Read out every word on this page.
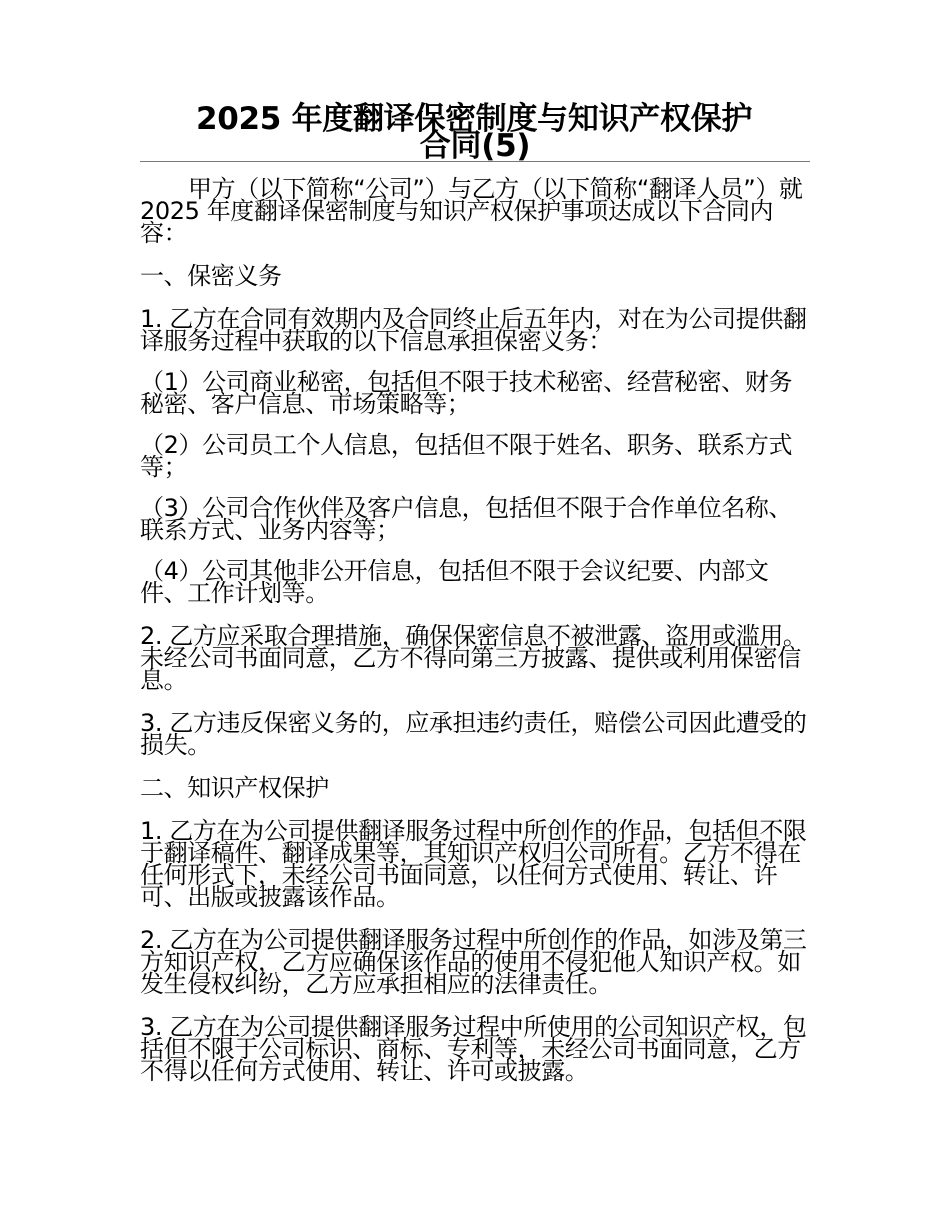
2025 年度翻译保密制度与知识产权保护
合同(5)

甲方（以下简称“公司”）与乙方（以下简称“翻译人员”）就 2025 年度翻译保密制度与知识产权保护事项达成以下合同内容：

一、保密义务

1. 乙方在合同有效期内及合同终止后五年内，对在为公司提供翻译服务过程中获取的以下信息承担保密义务：

（1）公司商业秘密，包括但不限于技术秘密、经营秘密、财务秘密、客户信息、市场策略等；

（2）公司员工个人信息，包括但不限于姓名、职务、联系方式等；

（3）公司合作伙伴及客户信息，包括但不限于合作单位名称、联系方式、业务内容等；

（4）公司其他非公开信息，包括但不限于会议纪要、内部文件、工作计划等。

2. 乙方应采取合理措施，确保保密信息不被泄露、盗用或滥用。未经公司书面同意，乙方不得向第三方披露、提供或利用保密信息。

3. 乙方违反保密义务的，应承担违约责任，赔偿公司因此遭受的损失。

二、知识产权保护

1. 乙方在为公司提供翻译服务过程中所创作的作品，包括但不限于翻译稿件、翻译成果等，其知识产权归公司所有。乙方不得在任何形式下，未经公司书面同意，以任何方式使用、转让、许可、出版或披露该作品。

2. 乙方在为公司提供翻译服务过程中所创作的作品，如涉及第三方知识产权，乙方应确保该作品的使用不侵犯他人知识产权。如发生侵权纠纷，乙方应承担相应的法律责任。

3. 乙方在为公司提供翻译服务过程中所使用的公司知识产权，包括但不限于公司标识、商标、专利等，未经公司书面同意，乙方不得以任何方式使用、转让、许可或披露。
